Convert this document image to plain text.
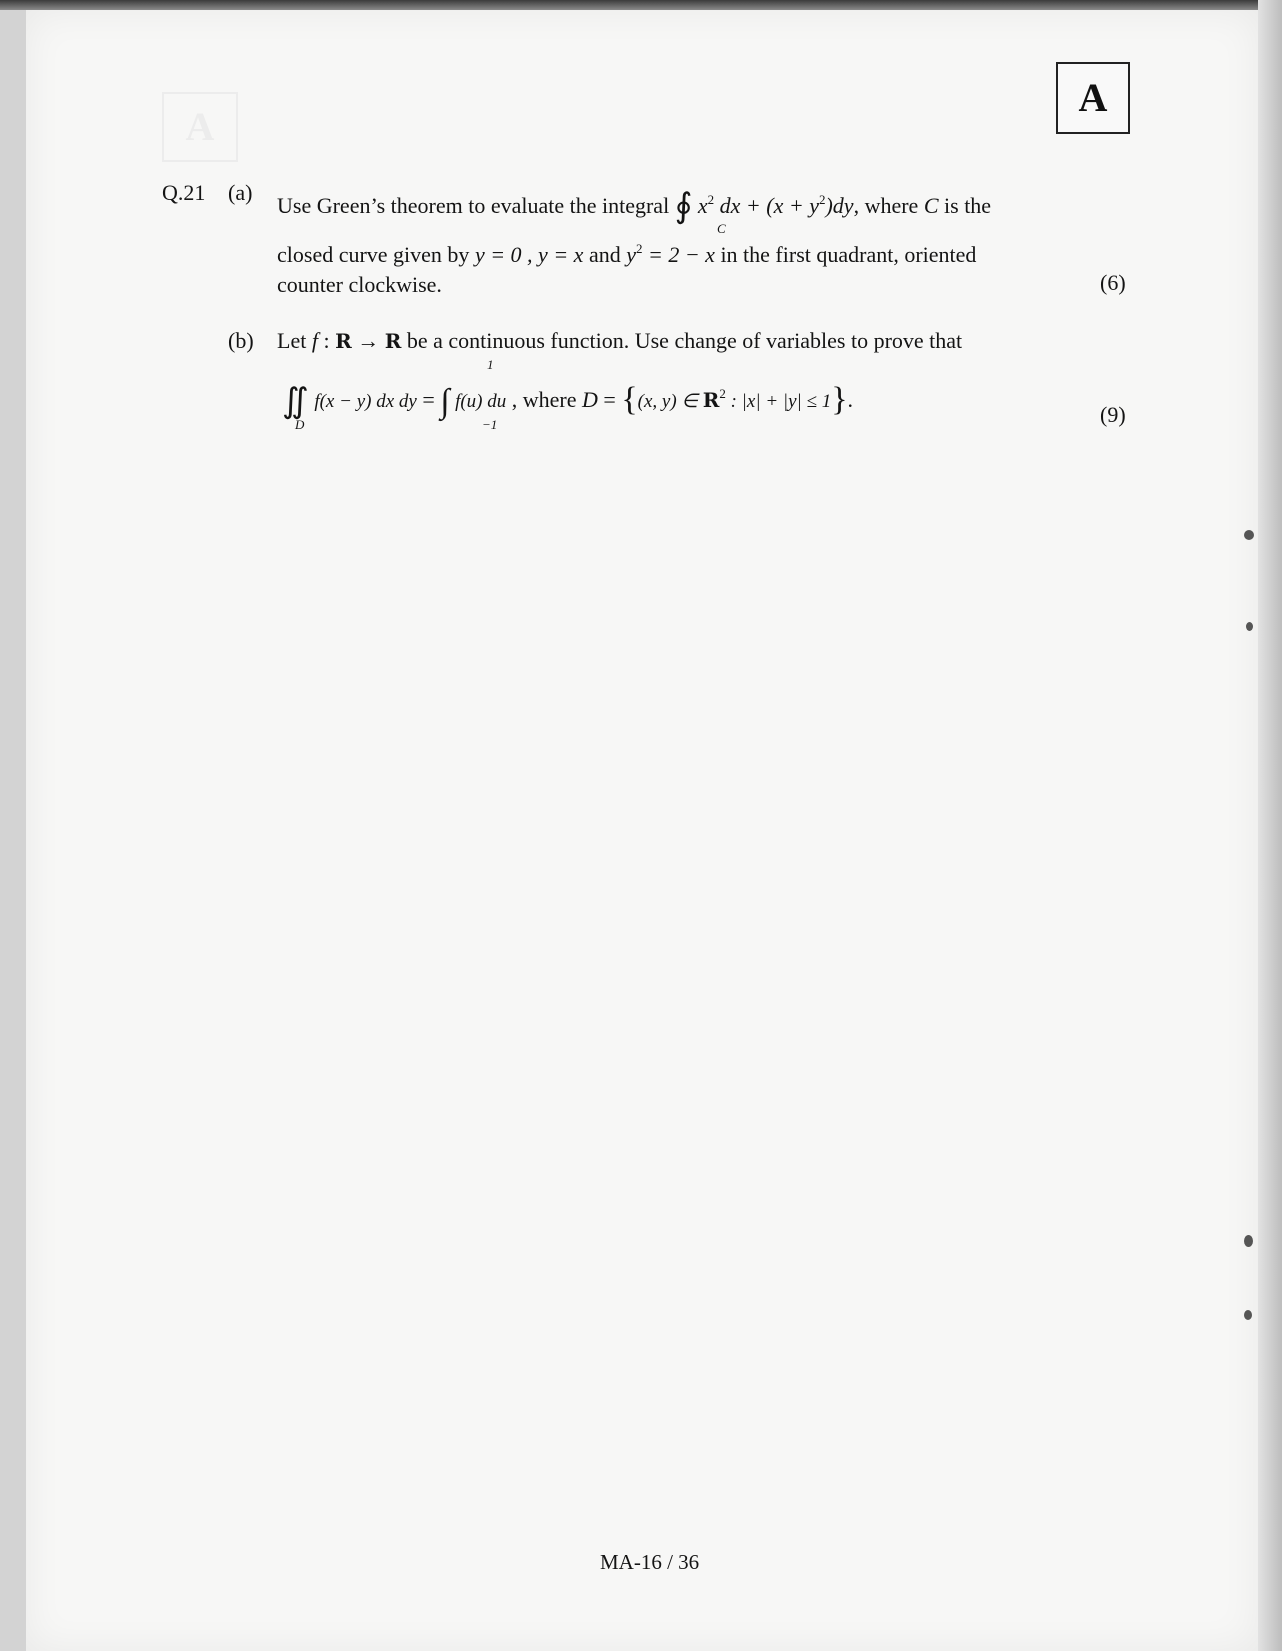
A
A
Q.21 (a)
Use Green’s theorem to evaluate the integral ∮ $x^2$ dx + $(x + y^2)dy$, where C is the
C
closed curve given by y = 0 , y = x and $y^2 = 2 - x$ in the first quadrant, oriented
counter clockwise.	(6)
(b) Let f : R → R be a continuous function. Use change of variables to prove that
1
∬ f(x − y) dx dy = ∫ f(u) du , where D = {(x, y) ∈ $R^2$ : |x| + |y| ≤ 1}.
D	−1	(9)
MA-16 / 36
